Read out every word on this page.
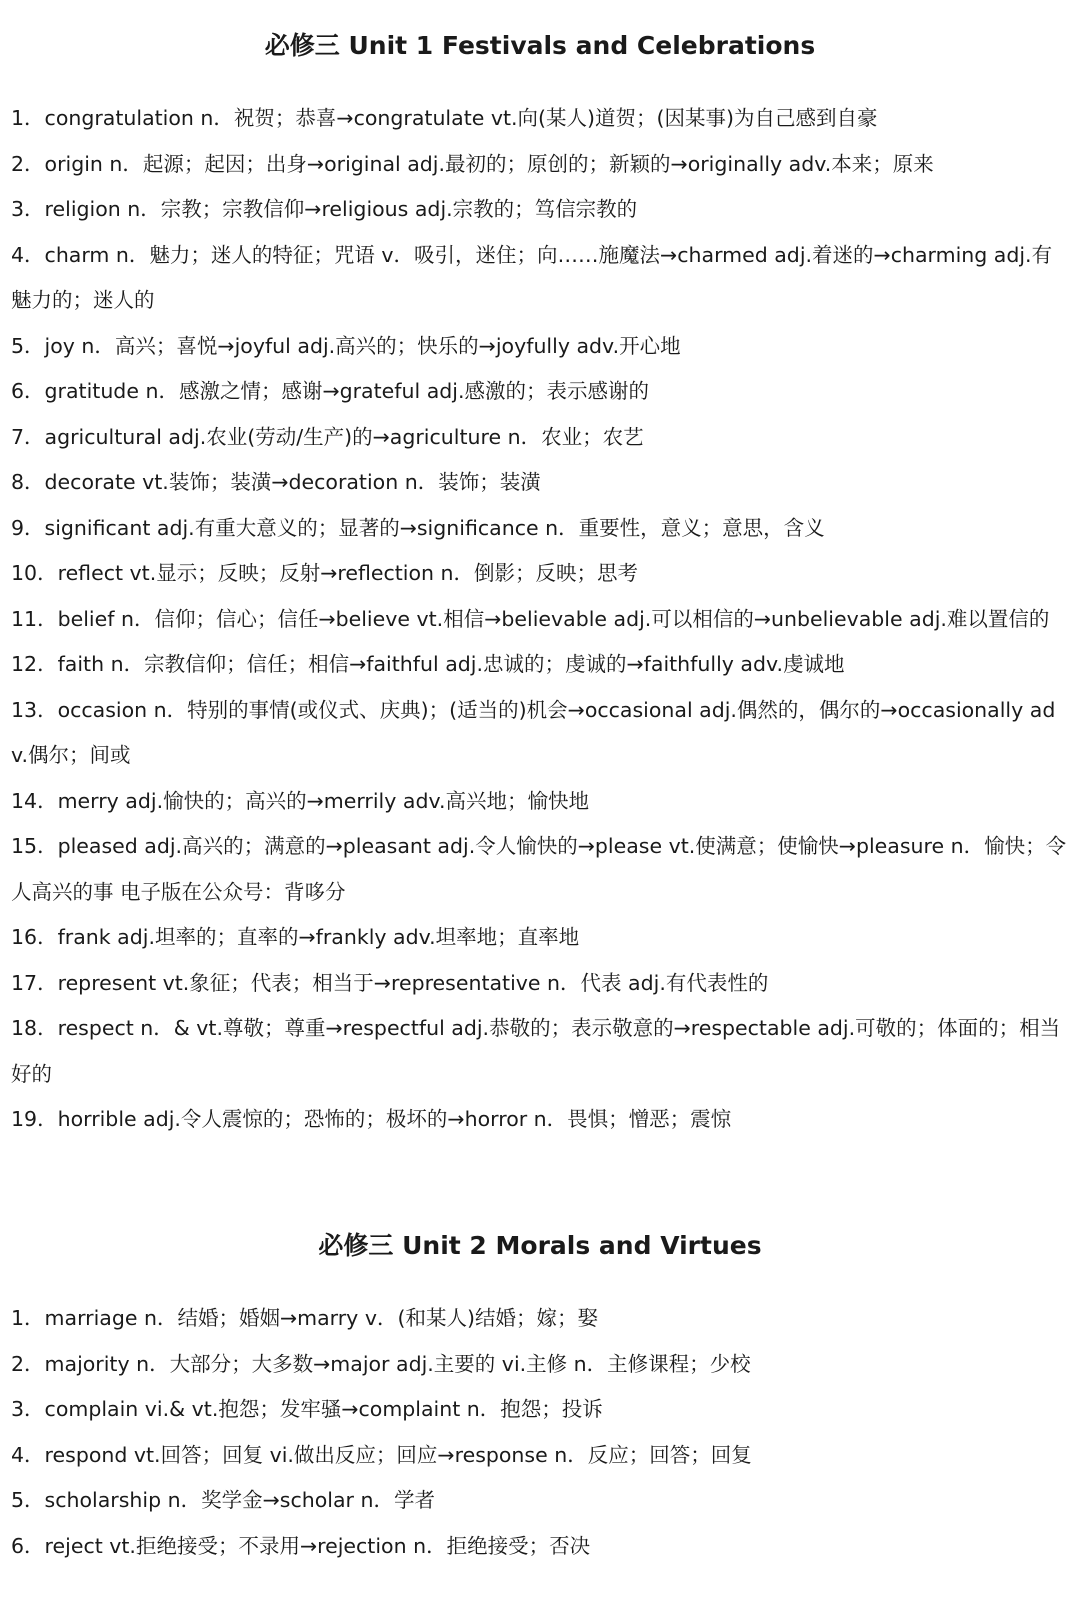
必修三 Unit 1 Festivals and Celebrations
1．congratulation n．祝贺；恭喜→congratulate vt.向(某人)道贺；(因某事)为自己感到自豪
2．origin n．起源；起因；出身→original adj.最初的；原创的；新颖的→originally adv.本来；原来
3．religion n．宗教；宗教信仰→religious adj.宗教的；笃信宗教的
4．charm n．魅力；迷人的特征；咒语 v．吸引，迷住；向……施魔法→charmed adj.着迷的→charming adj.有魅力的；迷人的
5．joy n．高兴；喜悦→joyful adj.高兴的；快乐的→joyfully adv.开心地
6．gratitude n．感激之情；感谢→grateful adj.感激的；表示感谢的
7．agricultural adj.农业(劳动/生产)的→agriculture n．农业；农艺
8．decorate vt.装饰；装潢→decoration n．装饰；装潢
9．significant adj.有重大意义的；显著的→significance n．重要性，意义；意思，含义
10．reflect vt.显示；反映；反射→reflection n．倒影；反映；思考
11．belief n．信仰；信心；信任→believe vt.相信→believable adj.可以相信的→unbelievable adj.难以置信的
12．faith n．宗教信仰；信任；相信→faithful adj.忠诚的；虔诚的→faithfully adv.虔诚地
13．occasion n．特别的事情(或仪式、庆典)；(适当的)机会→occasional adj.偶然的，偶尔的→occasionally adv.偶尔；间或
14．merry adj.愉快的；高兴的→merrily adv.高兴地；愉快地
15．pleased adj.高兴的；满意的→pleasant adj.令人愉快的→please vt.使满意；使愉快→pleasure n．愉快；令人高兴的事 电子版在公众号：背哆分
16．frank adj.坦率的；直率的→frankly adv.坦率地；直率地
17．represent vt.象征；代表；相当于→representative n．代表 adj.有代表性的
18．respect n．& vt.尊敬；尊重→respectful adj.恭敬的；表示敬意的→respectable adj.可敬的；体面的；相当好的
19．horrible adj.令人震惊的；恐怖的；极坏的→horror n．畏惧；憎恶；震惊
必修三 Unit 2 Morals and Virtues
1．marriage n．结婚；婚姻→marry v．(和某人)结婚；嫁；娶
2．majority n．大部分；大多数→major adj.主要的 vi.主修 n．主修课程；少校
3．complain vi.& vt.抱怨；发牢骚→complaint n．抱怨；投诉
4．respond vt.回答；回复 vi.做出反应；回应→response n．反应；回答；回复
5．scholarship n．奖学金→scholar n．学者
6．reject vt.拒绝接受；不录用→rejection n．拒绝接受；否决
